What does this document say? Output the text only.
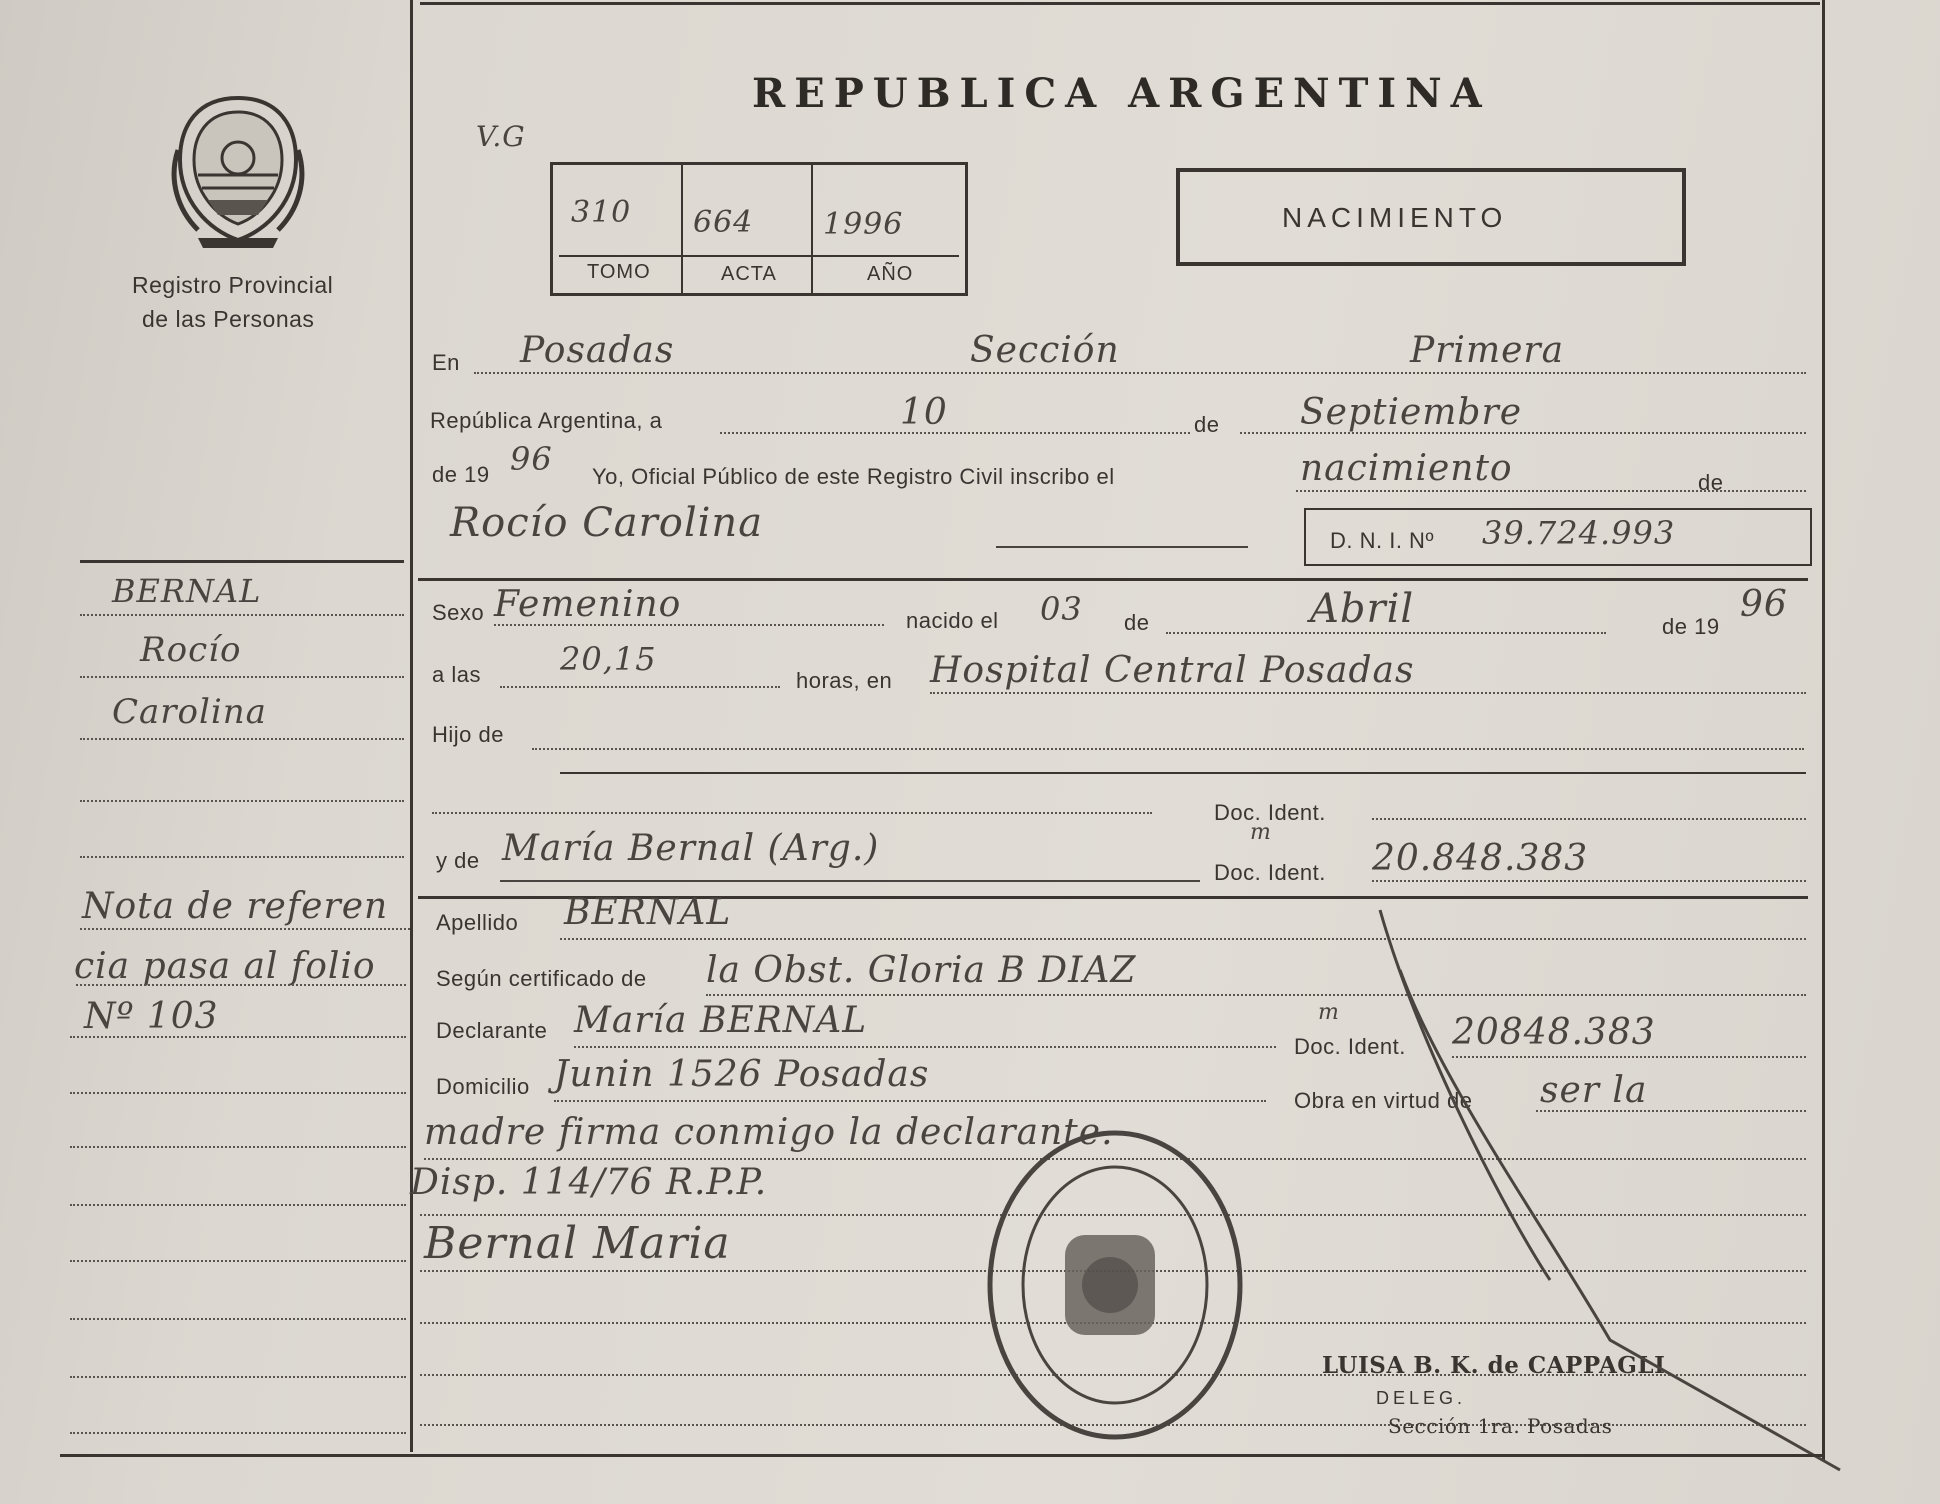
Registro Provincial
de las Personas
REPUBLICA ARGENTINA
V.G
310 664 1996
TOMO	ACTA	AÑO
NACIMIENTO
En Posadas	Sección	Primera
República Argentina, a	10	de Septiembre
de 19 96 Yo, Oficial Público de este Registro Civil inscribo el	nacimiento	de
Rocío Carolina	D. N. I. Nº 39.724.993
Sexo Femenino	nacido el 03 de	Abril	de 19
96
a las 20,15
horas, en Hospital Central Posadas
Hijo de
Doc. Ident.
y de María Bernal (Arg.)	m
Doc. Ident. 20.848.383
Apellido BERNAL
Según certificado de la Obst. Gloria B DIAZ
Declarante María BERNAL	m
Doc. Ident. 20848.383
Domicilio Junin 1526 Posadas
Obra en virtud de ser la
madre firma conmigo la declarante.
Disp. 114/76 R.P.P.
Bernal Maria
LUISA B. K. de CAPPAGLI
DELEG.
Sección 1ra. Posadas
BERNAL
Rocío
Carolina
Nota de referen
cia pasa al folio
Nº 103
